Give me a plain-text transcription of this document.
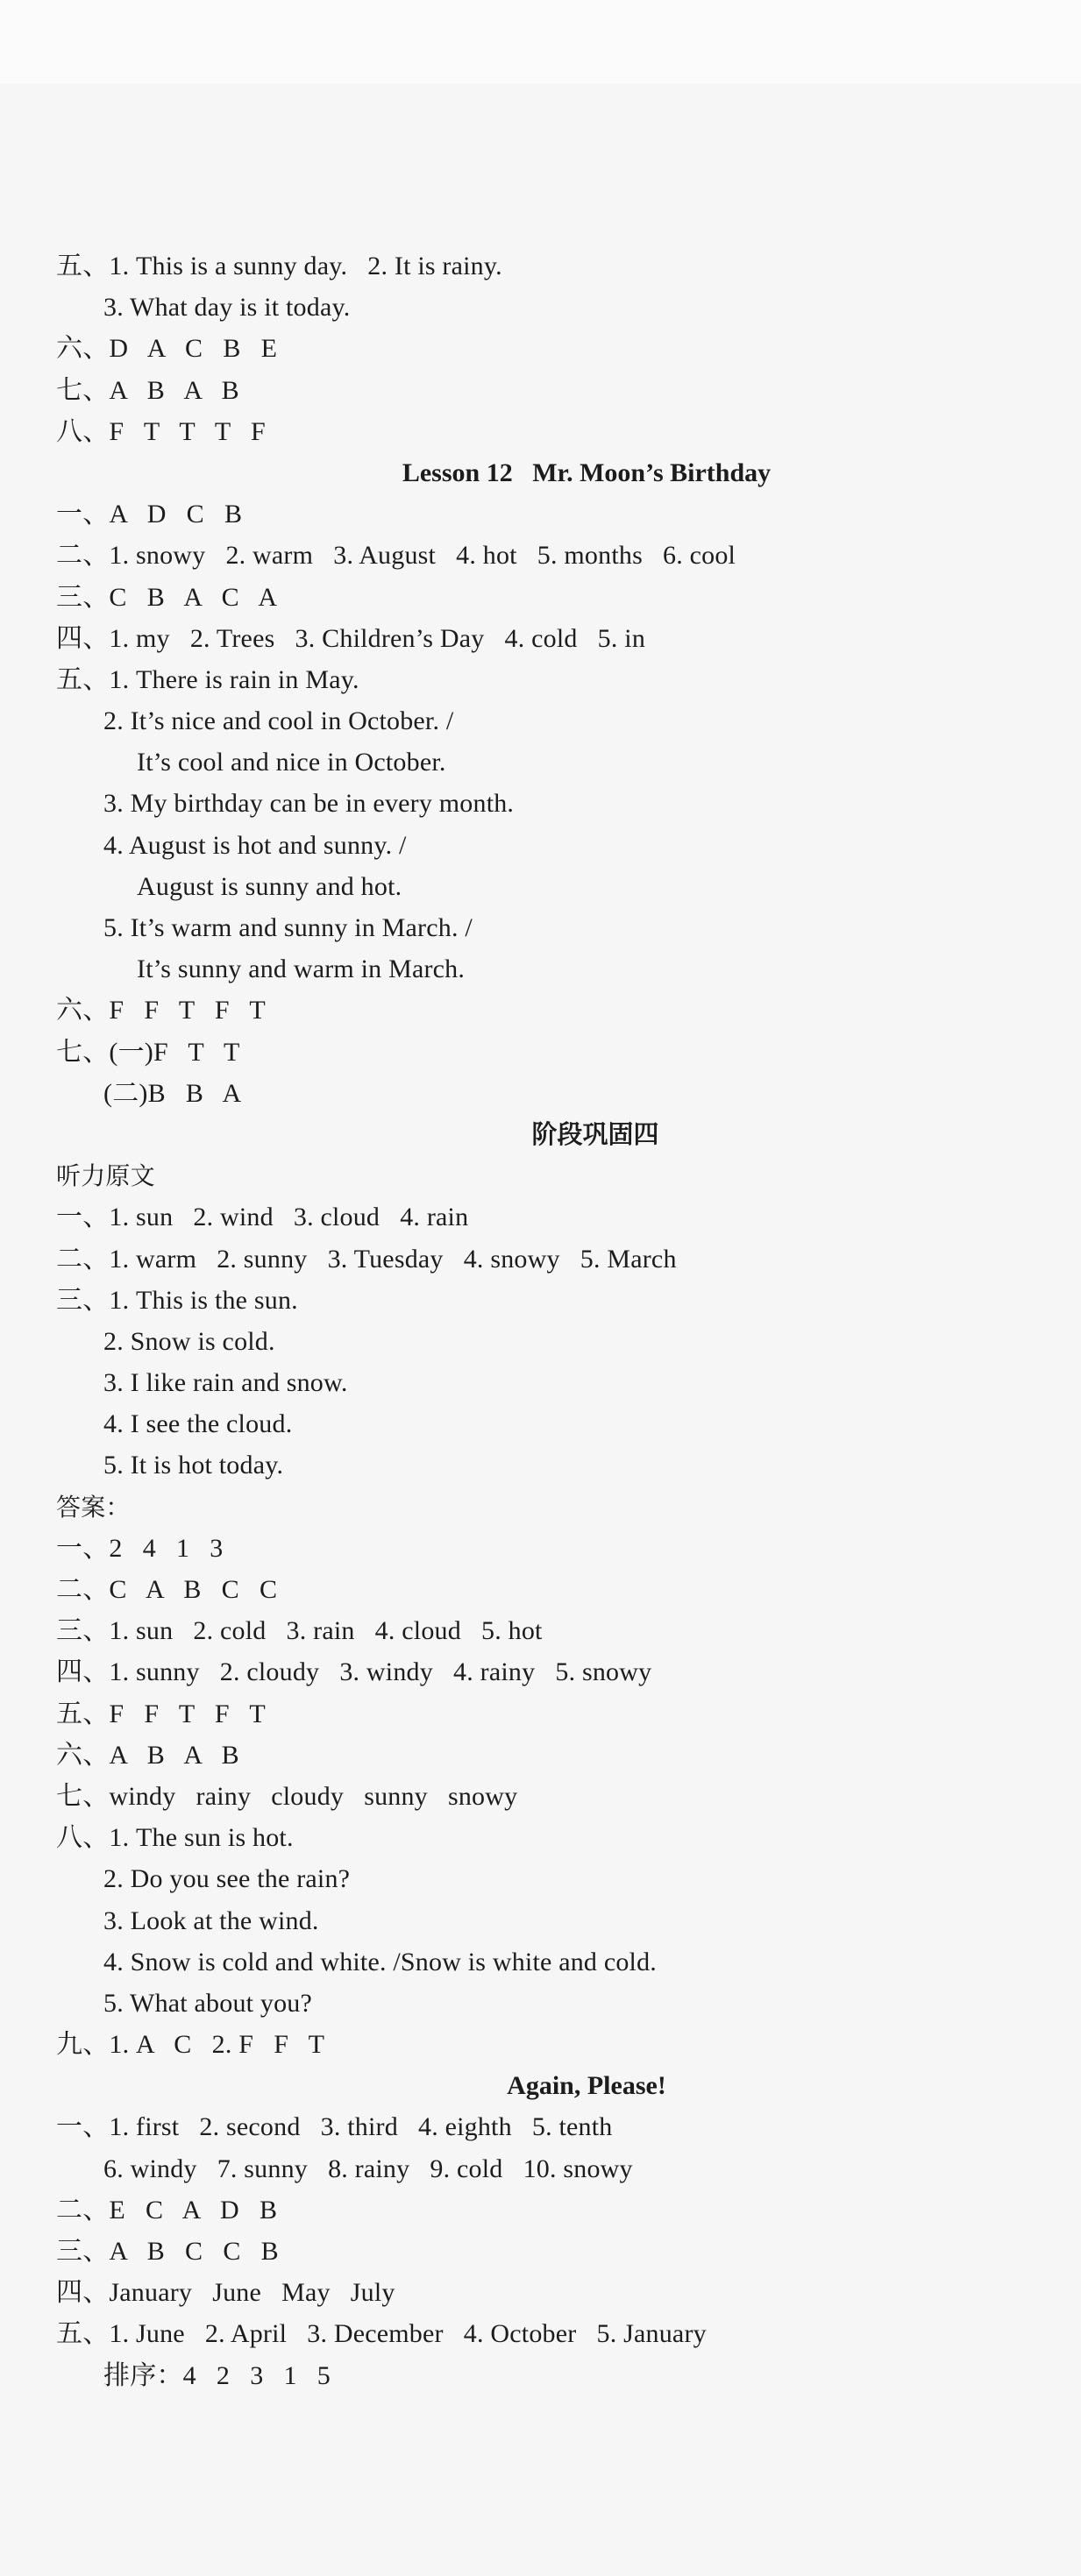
五、1. This is a sunny day.   2. It is rainy.
3. What day is it today.
六、D   A   C   B   E
七、A   B   A   B
八、F   T   T   T   F
Lesson 12   Mr. Moon’s Birthday
一、A   D   C   B
二、1. snowy   2. warm   3. August   4. hot   5. months   6. cool
三、C   B   A   C   A
四、1. my   2. Trees   3. Children’s Day   4. cold   5. in
五、1. There is rain in May.
2. It’s nice and cool in October. /
It’s cool and nice in October.
3. My birthday can be in every month.
4. August is hot and sunny. /
August is sunny and hot.
5. It’s warm and sunny in March. /
It’s sunny and warm in March.
六、F   F   T   F   T
七、(一)F   T   T
(二)B   B   A
阶段巩固四
听力原文
一、1. sun   2. wind   3. cloud   4. rain
二、1. warm   2. sunny   3. Tuesday   4. snowy   5. March
三、1. This is the sun.
2. Snow is cold.
3. I like rain and snow.
4. I see the cloud.
5. It is hot today.
答案：
一、2   4   1   3
二、C   A   B   C   C
三、1. sun   2. cold   3. rain   4. cloud   5. hot
四、1. sunny   2. cloudy   3. windy   4. rainy   5. snowy
五、F   F   T   F   T
六、A   B   A   B
七、windy   rainy   cloudy   sunny   snowy
八、1. The sun is hot.
2. Do you see the rain?
3. Look at the wind.
4. Snow is cold and white. /Snow is white and cold.
5. What about you?
九、1. A   C   2. F   F   T
Again, Please!
一、1. first   2. second   3. third   4. eighth   5. tenth
6. windy   7. sunny   8. rainy   9. cold   10. snowy
二、E   C   A   D   B
三、A   B   C   C   B
四、January   June   May   July
五、1. June   2. April   3. December   4. October   5. January
排序：4   2   3   1   5
